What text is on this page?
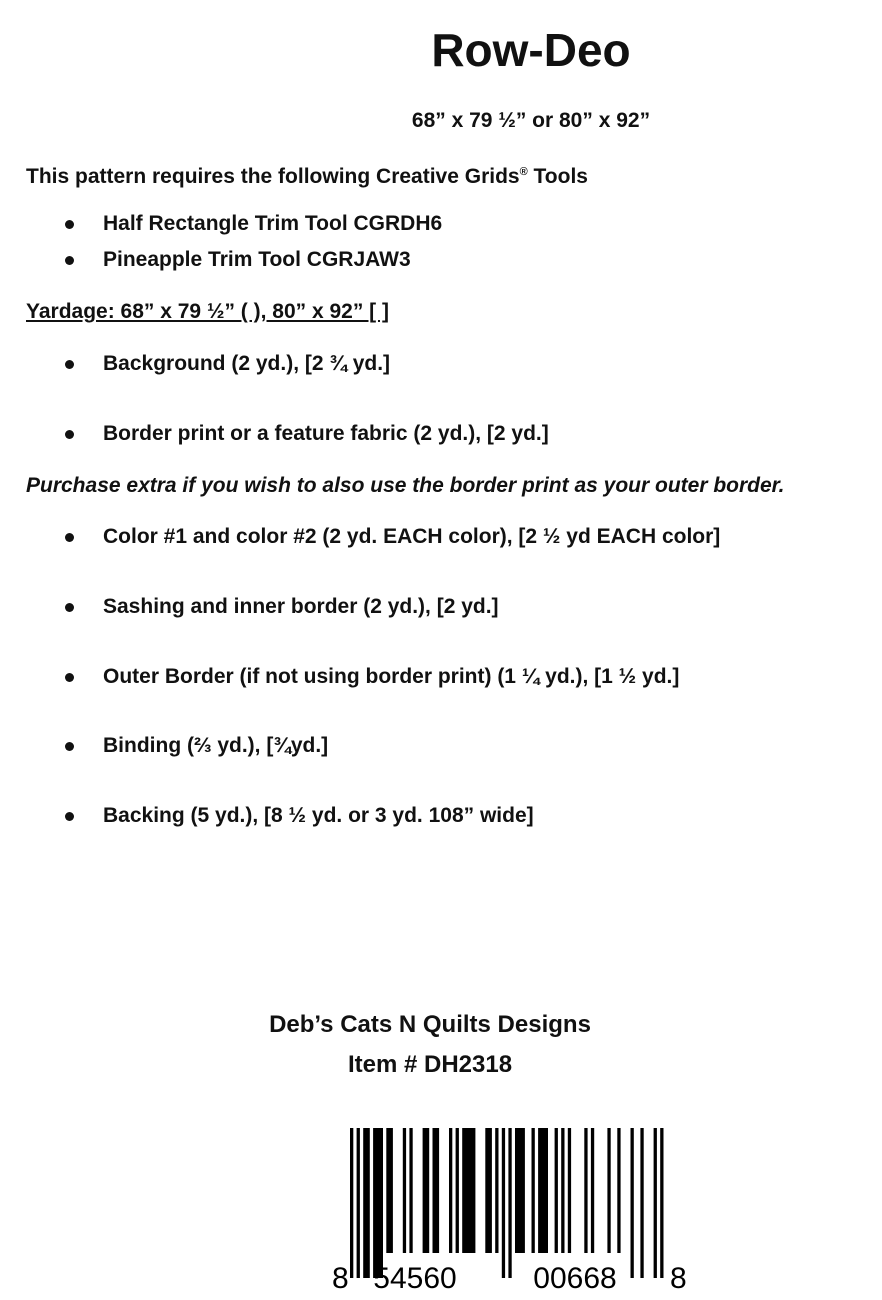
Row-Deo
68” x 79 ½” or 80” x 92”
This pattern requires the following Creative Grids® Tools
Half Rectangle Trim Tool CGRDH6
Pineapple Trim Tool CGRJAW3
Yardage: 68” x 79 ½” ( ), 80” x 92” [ ]
Background (2 yd.), [2 ¾ yd.]
Border print or a feature fabric (2 yd.), [2 yd.]
Purchase extra if you wish to also use the border print as your outer border.
Color #1 and color #2 (2 yd. EACH color), [2 ½ yd EACH color]
Sashing and inner border (2 yd.), [2 yd.]
Outer Border (if not using border print) (1 ¼ yd.), [1 ½ yd.]
Binding (⅔ yd.), [¾yd.]
Backing (5 yd.), [8 ½ yd. or 3 yd. 108” wide]
Deb’s Cats N Quilts Designs
Item # DH2318
8 54560	00668 8
